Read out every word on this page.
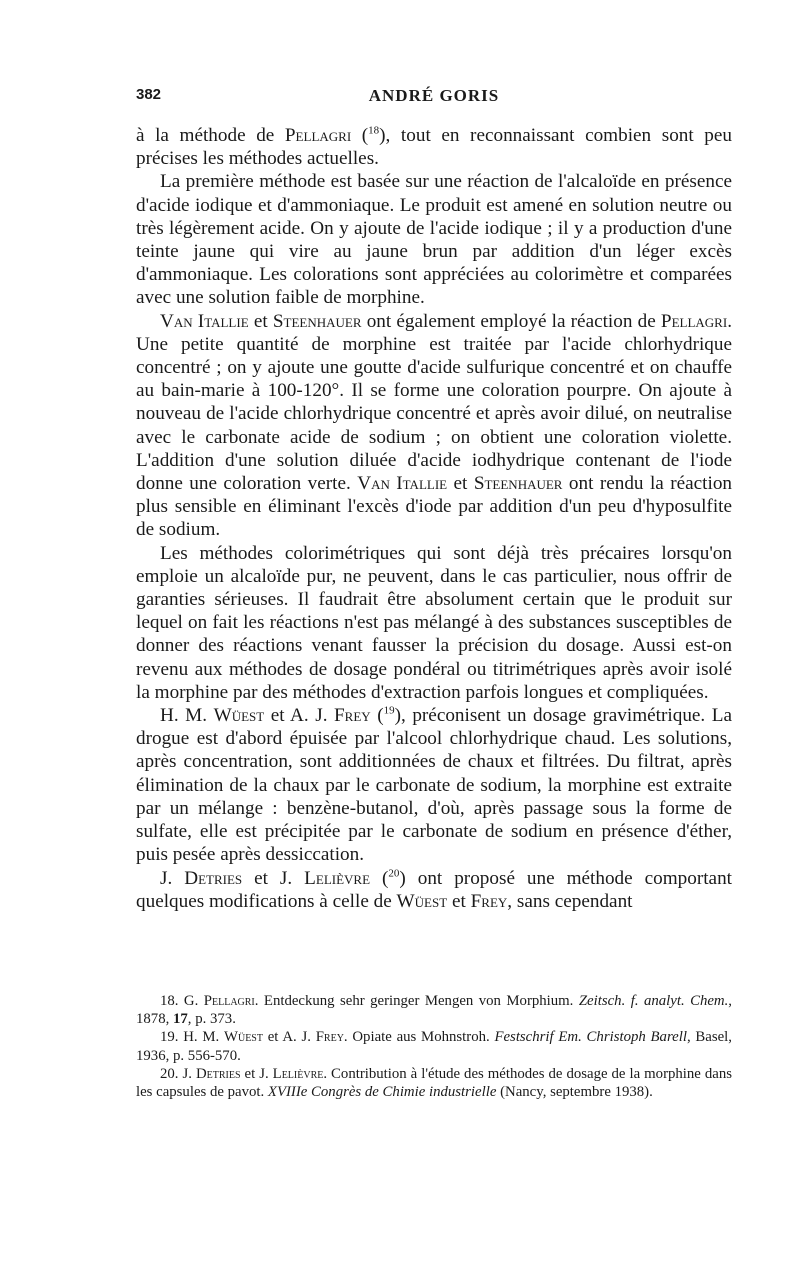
382	ANDRÉ GORIS

à la méthode de Pellagri ($^{18}$), tout en reconnaissant combien sont peu précises les méthodes actuelles.

La première méthode est basée sur une réaction de l'alcaloïde en présence d'acide iodique et d'ammoniaque. Le produit est amené en solution neutre ou très légèrement acide. On y ajoute de l'acide iodique ; il y a production d'une teinte jaune qui vire au jaune brun par addition d'un léger excès d'ammoniaque. Les colorations sont appréciées au colorimètre et comparées avec une solution faible de morphine.

Van Itallie et Steenhauer ont également employé la réaction de Pellagri. Une petite quantité de morphine est traitée par l'acide chlorhydrique concentré ; on y ajoute une goutte d'acide sulfurique concentré et on chauffe au bain-marie à 100-120°. Il se forme une coloration pourpre. On ajoute à nouveau de l'acide chlorhydrique concentré et après avoir dilué, on neutralise avec le carbonate acide de sodium ; on obtient une coloration violette. L'addition d'une solution diluée d'acide iodhydrique contenant de l'iode donne une coloration verte. Van Itallie et Steenhauer ont rendu la réaction plus sensible en éliminant l'excès d'iode par addition d'un peu d'hyposulfite de sodium.

Les méthodes colorimétriques qui sont déjà très précaires lorsqu'on emploie un alcaloïde pur, ne peuvent, dans le cas particulier, nous offrir de garanties sérieuses. Il faudrait être absolument certain que le produit sur lequel on fait les réactions n'est pas mélangé à des substances susceptibles de donner des réactions venant fausser la précision du dosage. Aussi est-on revenu aux méthodes de dosage pondéral ou titrimétriques après avoir isolé la morphine par des méthodes d'extraction parfois longues et compliquées.

H. M. Wüest et A. J. Frey ($^{19}$), préconisent un dosage gravimétrique. La drogue est d'abord épuisée par l'alcool chlorhydrique chaud. Les solutions, après concentration, sont additionnées de chaux et filtrées. Du filtrat, après élimination de la chaux par le carbonate de sodium, la morphine est extraite par un mélange : benzène-butanol, d'où, après passage sous la forme de sulfate, elle est précipitée par le carbonate de sodium en présence d'éther, puis pesée après dessiccation.

J. Detries et J. Lelièvre ($^{20}$) ont proposé une méthode comportant quelques modifications à celle de Wüest et Frey, sans cependant

18. G. Pellagri. Entdeckung sehr geringer Mengen von Morphium. Zeitsch. f. analyt. Chem., 1878, 17, p. 373.

19. H. M. Wüest et A. J. Frey. Opiate aus Mohnstroh. Festschrif Em. Christoph Barell, Basel, 1936, p. 556-570.

20. J. Detries et J. Lelièvre. Contribution à l'étude des méthodes de dosage de la morphine dans les capsules de pavot. XVIIIe Congrès de Chimie industrielle (Nancy, septembre 1938).
